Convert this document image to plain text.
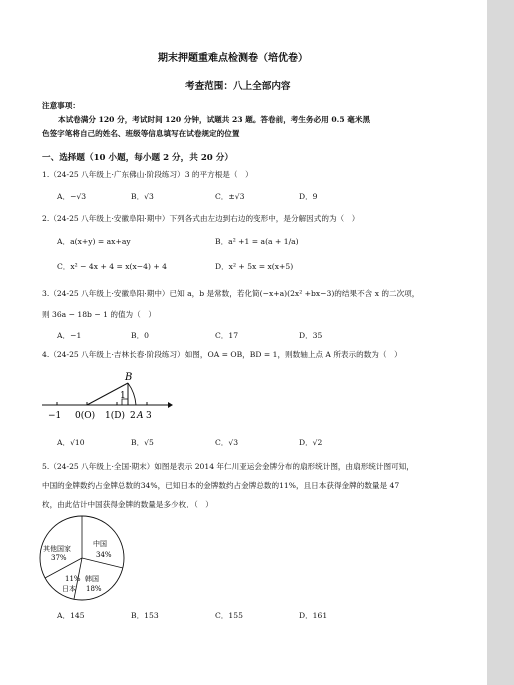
期末押题重难点检测卷（培优卷）
考查范围：八上全部内容
注意事项：
本试卷满分 120 分，考试时间 120 分钟，试题共 23 题。答卷前，考生务必用 0.5 毫米黑
色签字笔将自己的姓名、班级等信息填写在试卷规定的位置
一、选择题（10 小题，每小题 2 分，共 20 分）
1.（24-25 八年级上·广东佛山·阶段练习）3 的平方根是（　）
A．−√3	B．√3	C．±√3	D．9
2.（24-25 八年级上·安徽阜阳·期中）下列各式由左边到右边的变形中，是分解因式的为（　）
A．a(x+y) = ax+ay	B．a² +1 = a(a + 1/a)
C．x² − 4x + 4 = x(x−4) + 4	D．x² + 5x = x(x+5)
3.（24-25 八年级上·安徽阜阳·期中）已知 a，b 是常数，若化简(−x+a)(2x² +bx−3)的结果不含 x 的二次项，
则 36a − 18b − 1 的值为（　）
A．−1	B．0	C．17	D．35
4.（24-25 八年级上·吉林长春·阶段练习）如图，OA = OB，BD = 1，则数轴上点 A 所表示的数为（　）
B
1
−1 0(O) 1(D) 2 A 3
A．√10	B．√5	C．√3	D．√2
5.（24-25 八年级上·全国·期末）如图是表示 2014 年仁川亚运会金牌分布的扇形统计图，由扇形统计图可知，
中国的金牌数约占金牌总数的34%，已知日本的金牌数约占金牌总数的11%，且日本获得金牌的数量是 47
枚，由此估计中国获得金牌的数量是多少枚．（　）
其他国家
37%
中国
34%
11%
日本
韩国
18%
A．145	B．153	C．155	D．161
